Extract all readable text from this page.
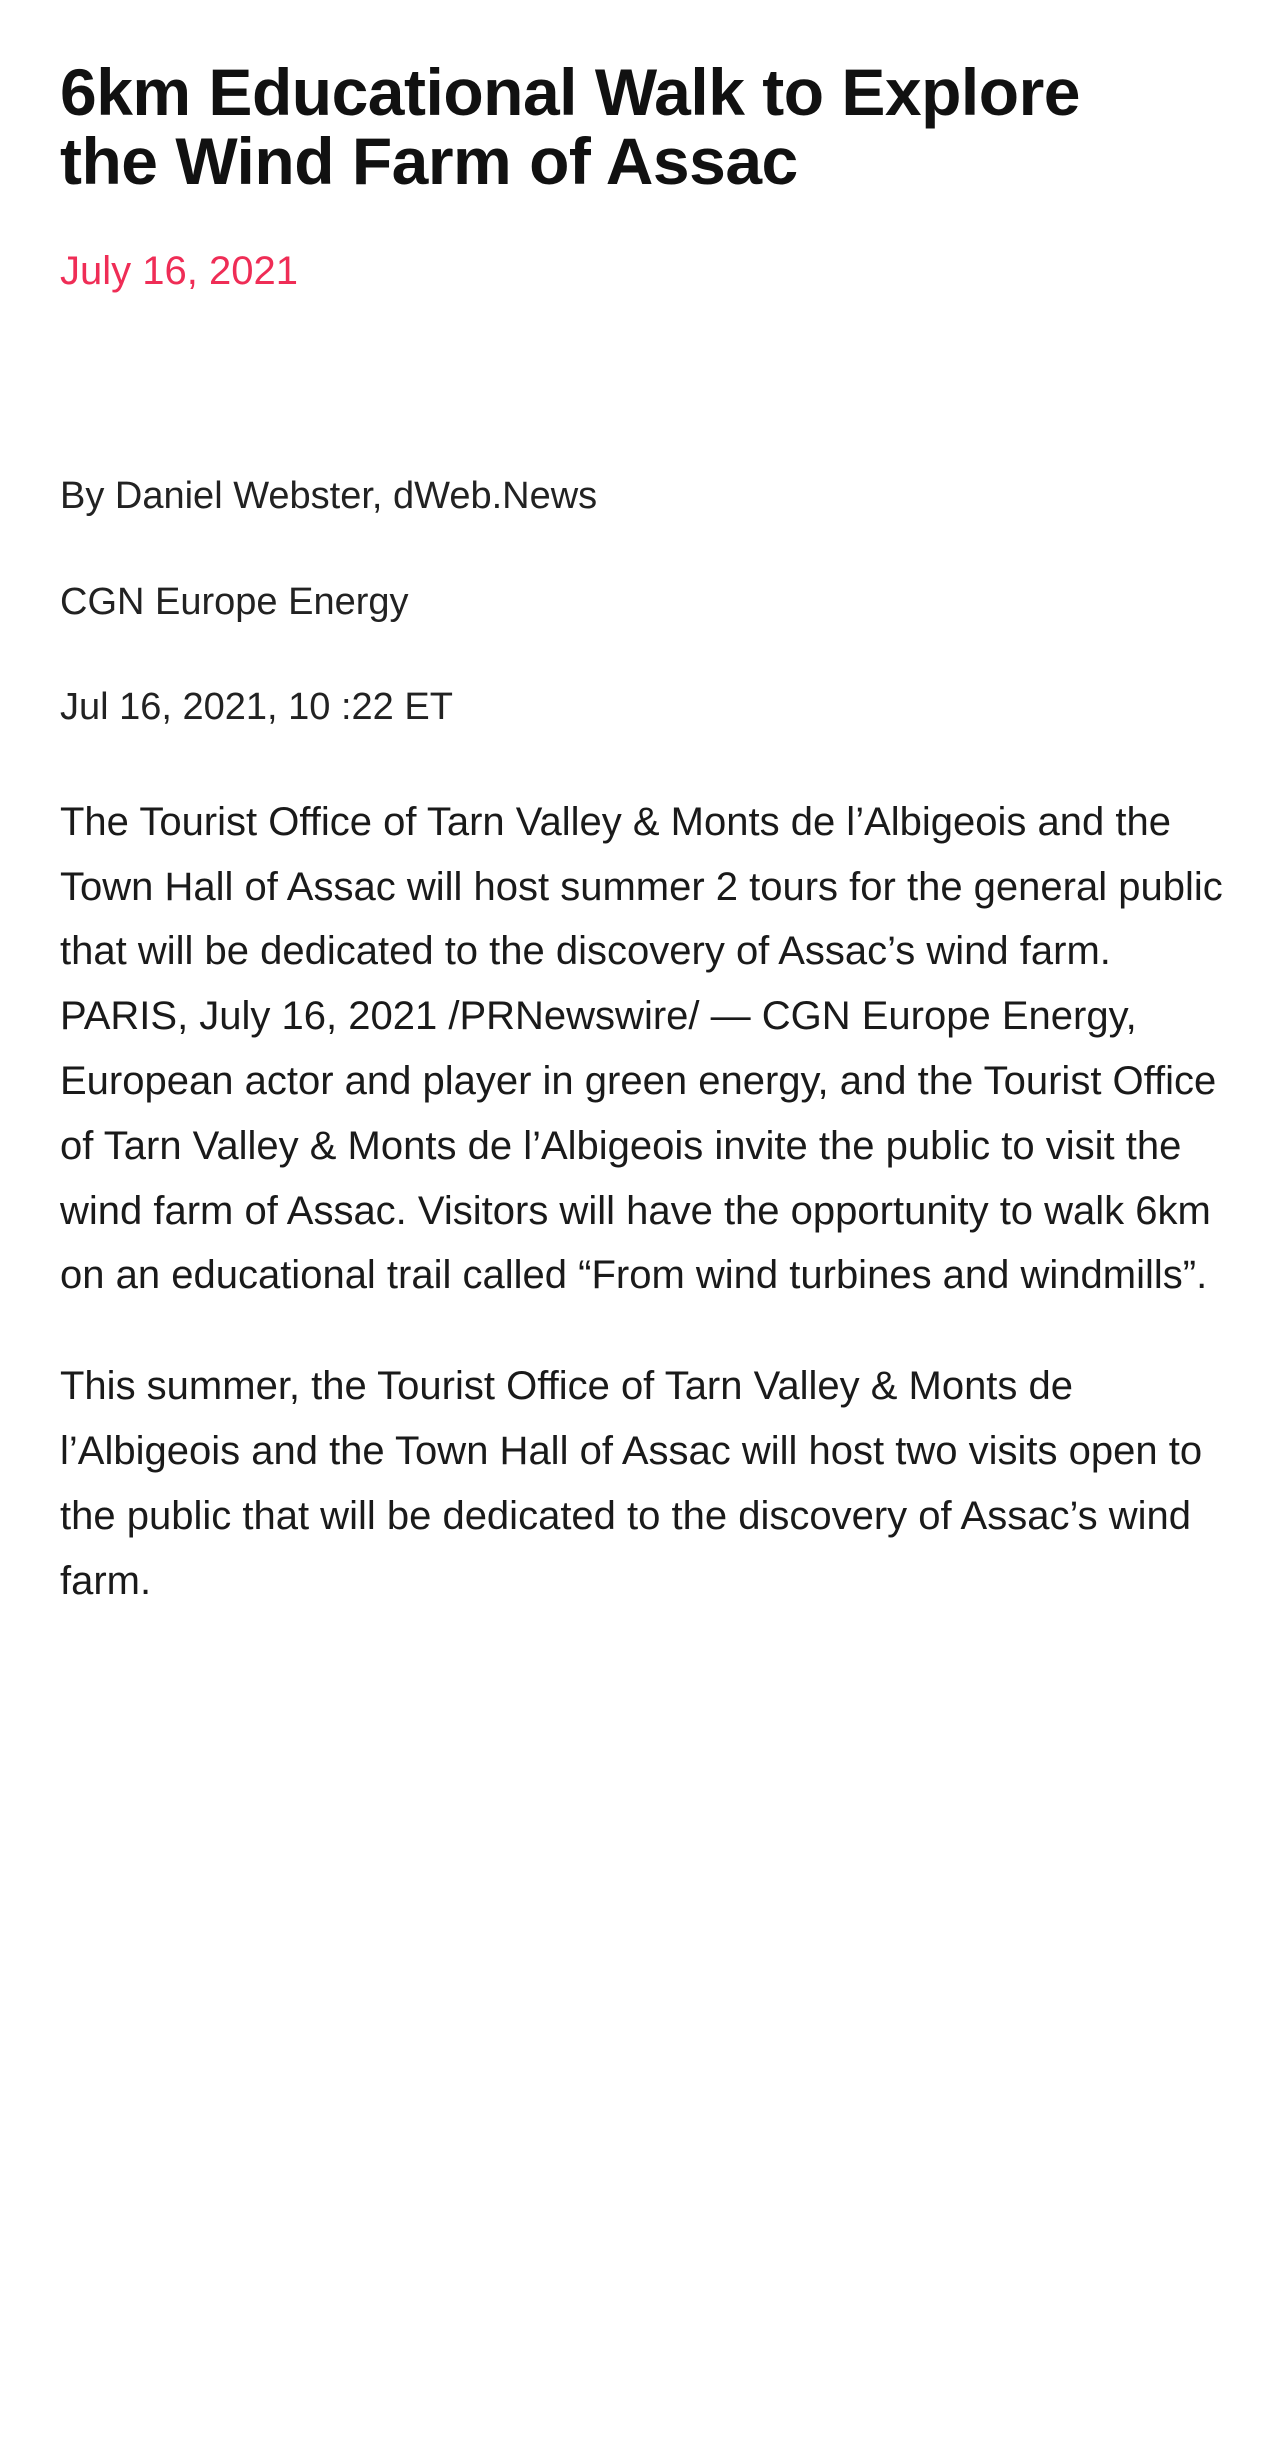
6km Educational Walk to Explore the Wind Farm of Assac
July 16, 2021

By Daniel Webster, dWeb.News

CGN Europe Energy

Jul 16, 2021, 10 :22 ET

The Tourist Office of Tarn Valley & Monts de l’Albigeois and the Town Hall of Assac will host summer 2 tours for the general public that will be dedicated to the discovery of Assac’s wind farm. PARIS, July 16, 2021 /PRNewswire/ — CGN Europe Energy, European actor and player in green energy, and the Tourist Office of Tarn Valley & Monts de l’Albigeois invite the public to visit the wind farm of Assac. Visitors will have the opportunity to walk 6km on an educational trail called “From wind turbines and windmills”.

This summer, the Tourist Office of Tarn Valley & Monts de l’Albigeois and the Town Hall of Assac will host two visits open to the public that will be dedicated to the discovery of Assac’s wind farm.
